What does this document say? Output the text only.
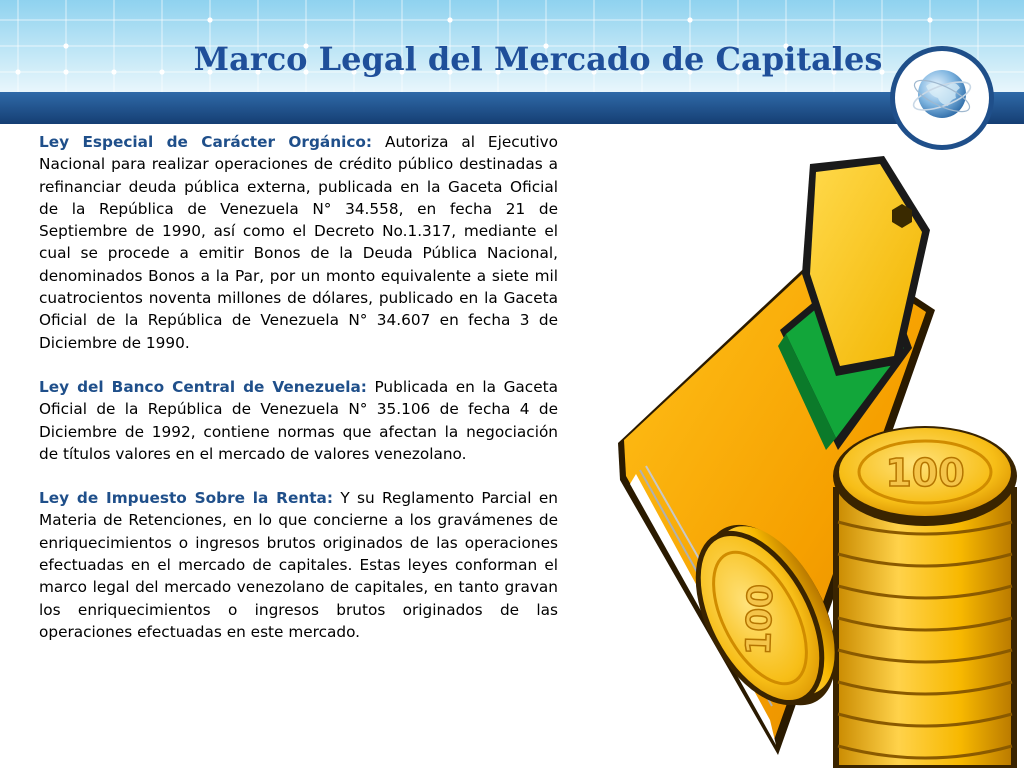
Marco Legal del Mercado de Capitales

Ley Especial de Carácter Orgánico: Autoriza al Ejecutivo Nacional para realizar operaciones de crédito público destinadas a refinanciar deuda pública externa, publicada en la Gaceta Oficial de la República de Venezuela N° 34.558, en fecha 21 de Septiembre de 1990, así como el Decreto No.1.317, mediante el cual se procede a emitir Bonos de la Deuda Pública Nacional, denominados Bonos a la Par, por un monto equivalente a siete mil cuatrocientos noventa millones de dólares, publicado en la Gaceta Oficial de la República de Venezuela N° 34.607 en fecha 3 de Diciembre de 1990.

Ley del Banco Central de Venezuela: Publicada en la Gaceta Oficial de la República de Venezuela N° 35.106 de fecha 4 de Diciembre de 1992, contiene normas que afectan la negociación de títulos valores en el mercado de valores venezolano.

Ley de Impuesto Sobre la Renta: Y su Reglamento Parcial en Materia de Retenciones, en lo que concierne a los gravámenes de enriquecimientos o ingresos brutos originados de las operaciones efectuadas en el mercado de capitales. Estas leyes conforman el marco legal del mercado venezolano de capitales, en tanto gravan los enriquecimientos o ingresos brutos originados de las operaciones efectuadas en este mercado.

100
100
